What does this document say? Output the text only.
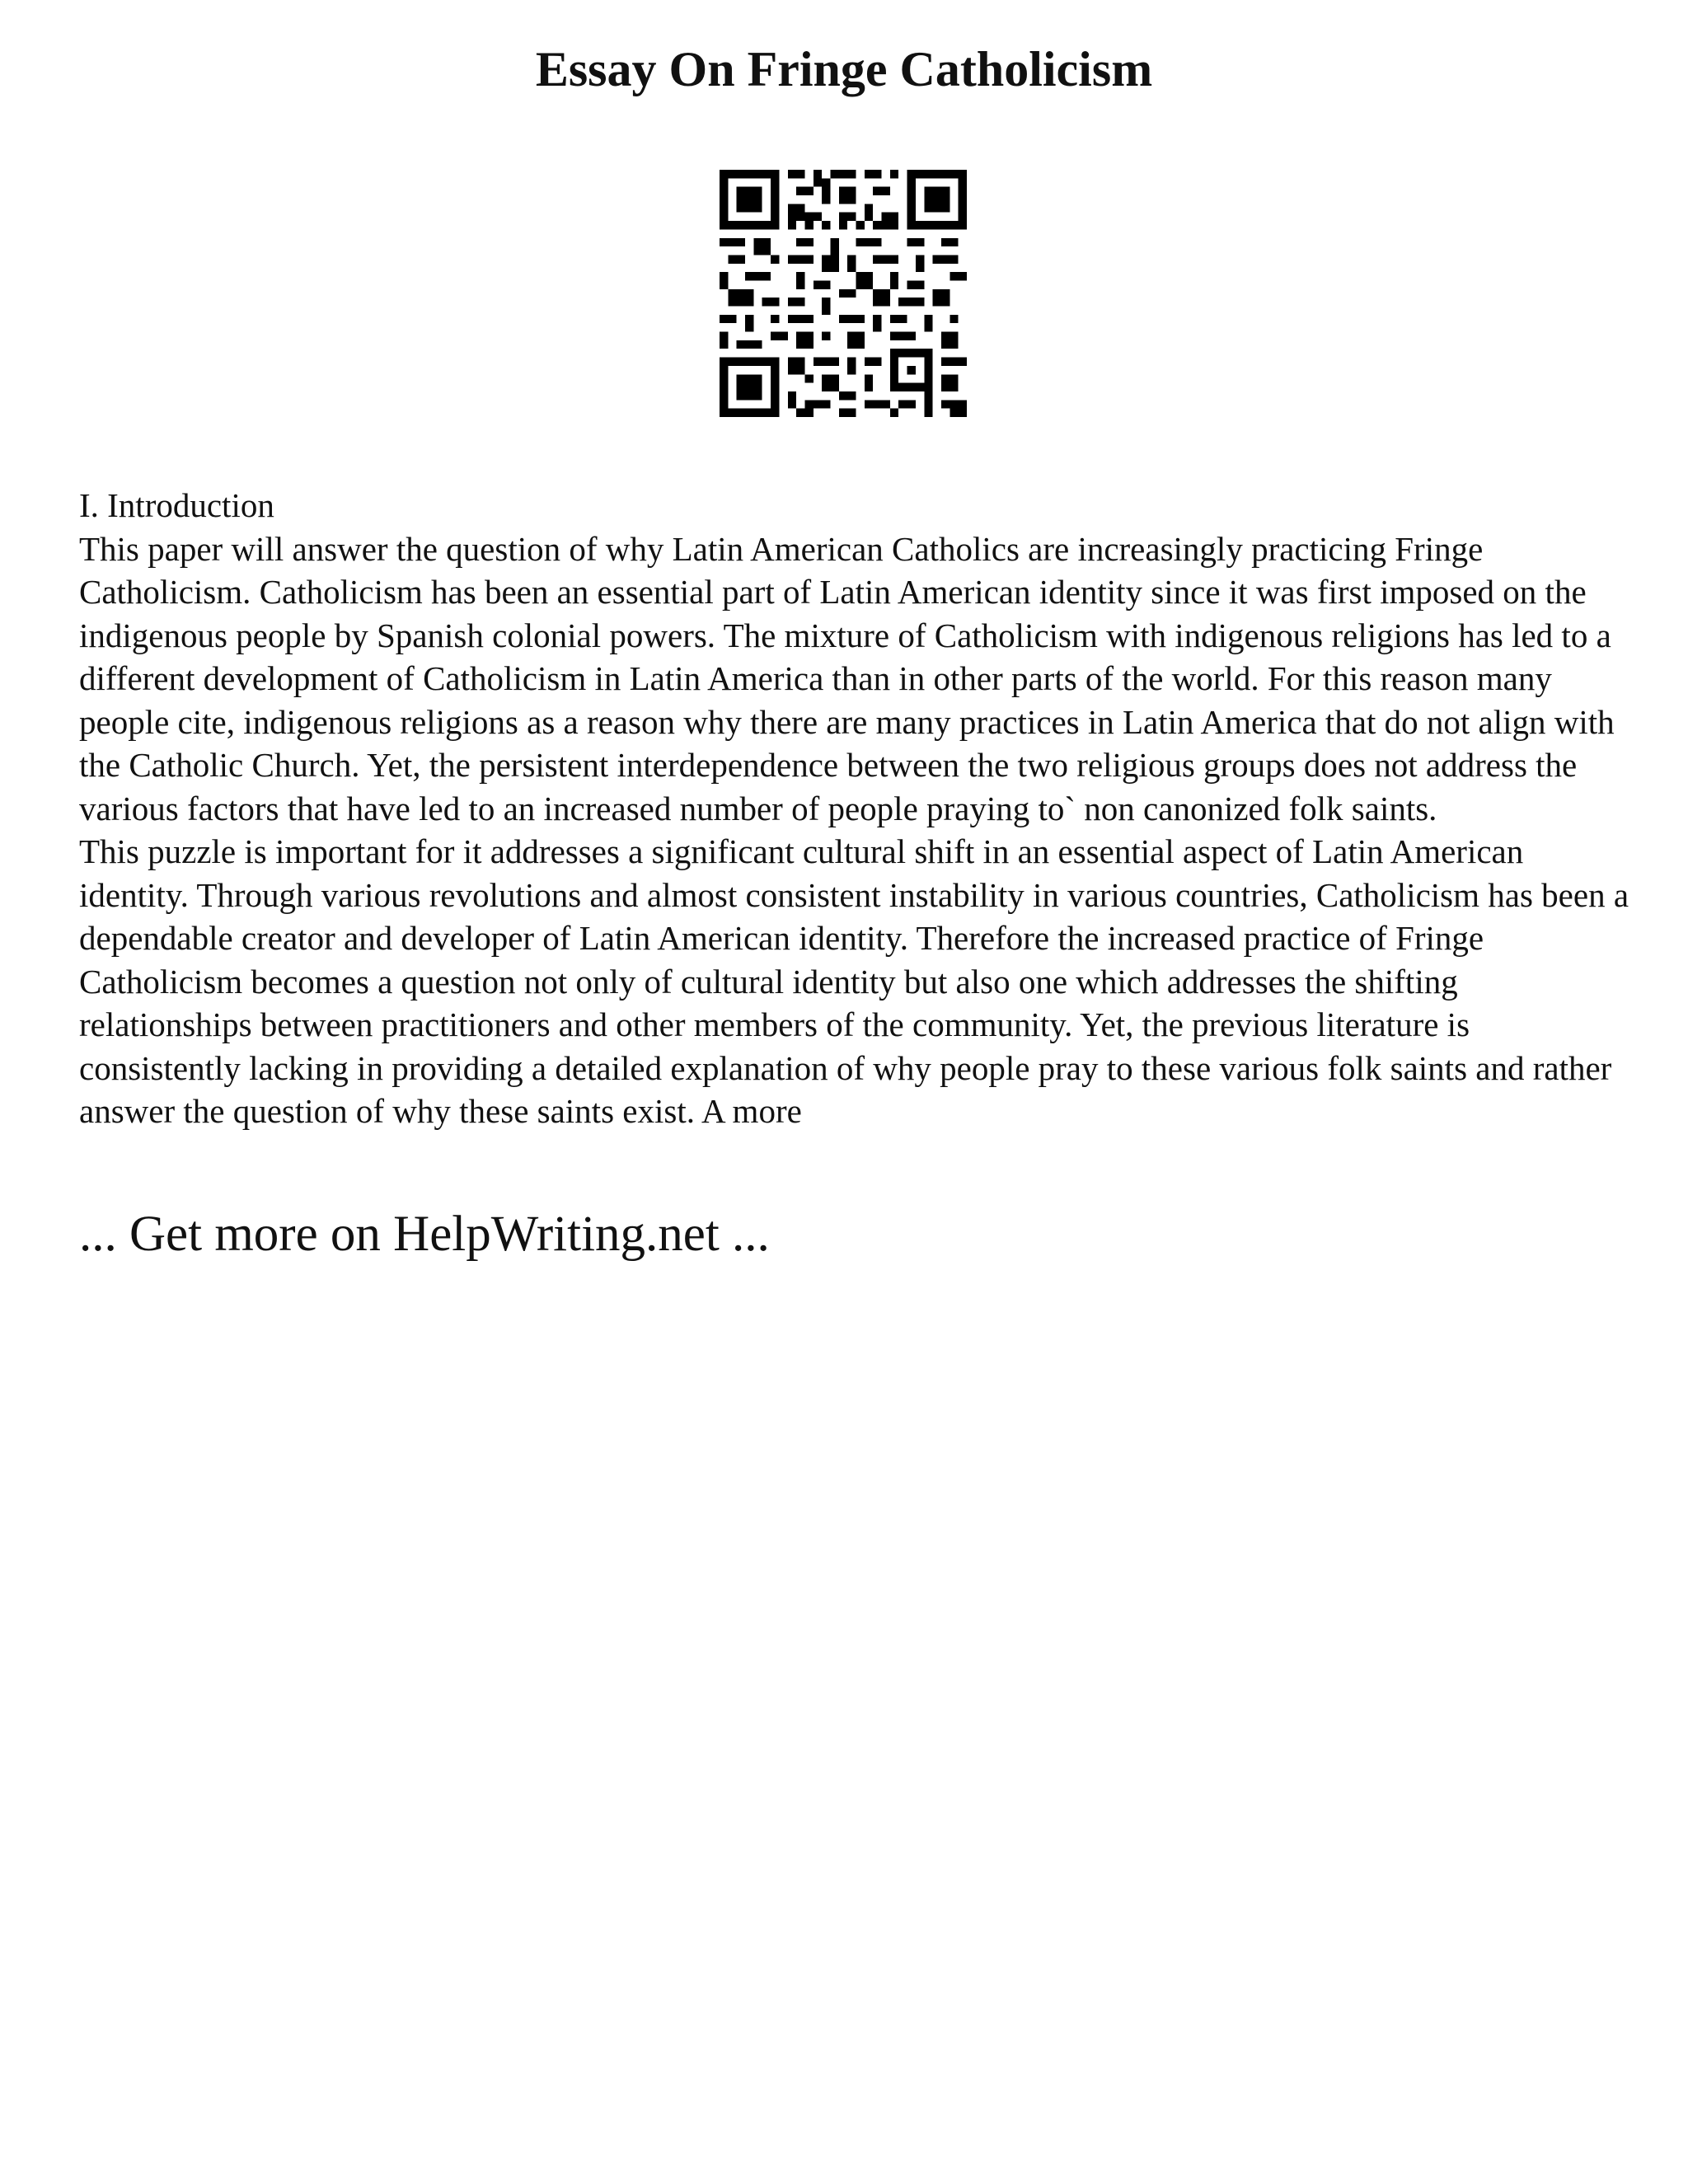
Essay On Fringe Catholicism

I. Introduction

This paper will answer the question of why Latin American Catholics are increasingly practicing Fringe Catholicism. Catholicism has been an essential part of Latin American identity since it was first imposed on the indigenous people by Spanish colonial powers. The mixture of Catholicism with indigenous religions has led to a different development of Catholicism in Latin America than in other parts of the world. For this reason many people cite, indigenous religions as a reason why there are many practices in Latin America that do not align with the Catholic Church. Yet, the persistent interdependence between the two religious groups does not address the various factors that have led to an increased number of people praying to` non canonized folk saints.

This puzzle is important for it addresses a significant cultural shift in an essential aspect of Latin American identity. Through various revolutions and almost consistent instability in various countries, Catholicism has been a dependable creator and developer of Latin American identity. Therefore the increased practice of Fringe Catholicism becomes a question not only of cultural identity but also one which addresses the shifting relationships between practitioners and other members of the community. Yet, the previous literature is consistently lacking in providing a detailed explanation of why people pray to these various folk saints and rather answer the question of why these saints exist. A more

... Get more on HelpWriting.net ...
